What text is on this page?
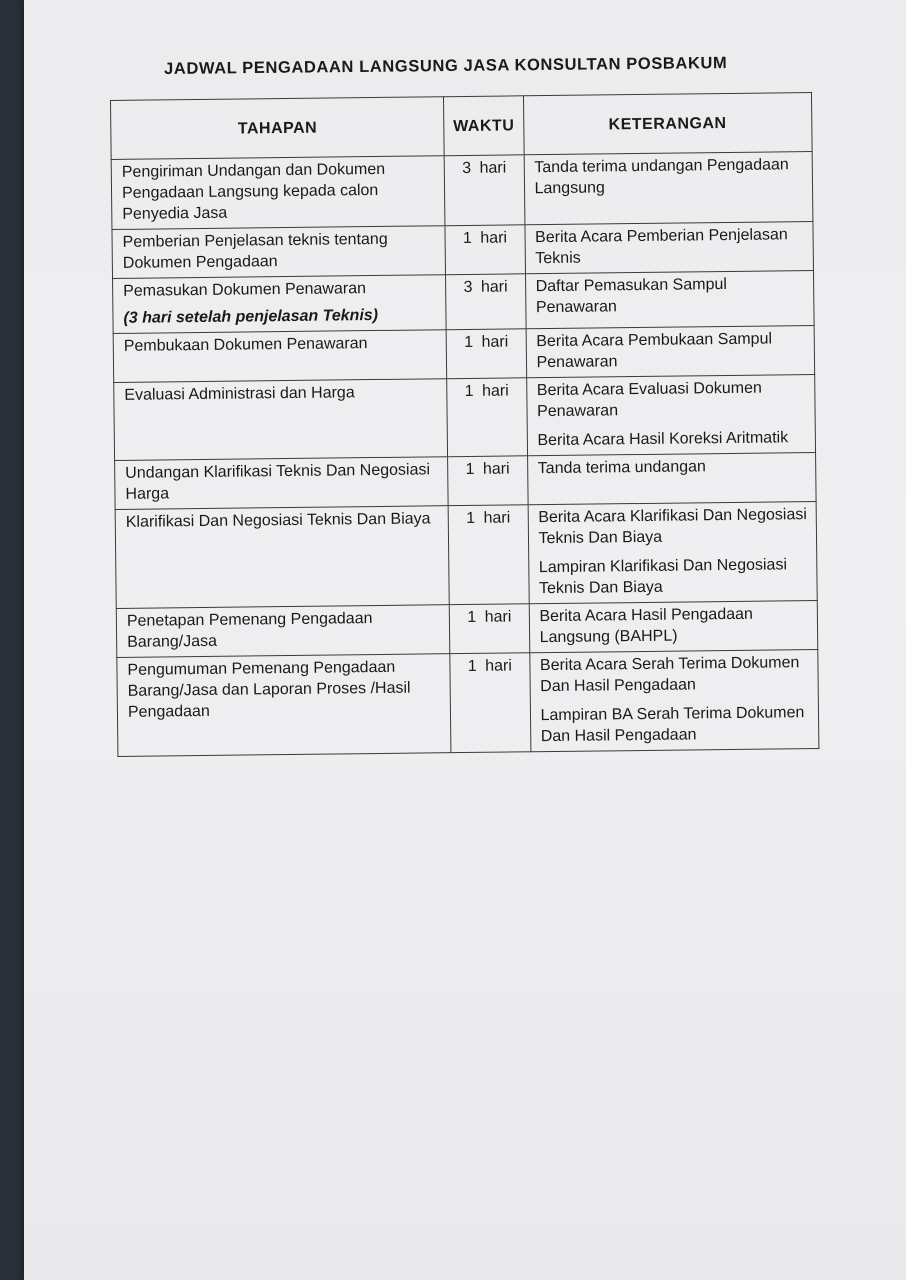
JADWAL PENGADAAN LANGSUNG JASA KONSULTAN POSBAKUM
TAHAPAN	WAKTU	KETERANGAN
Pengiriman Undangan dan Dokumen Pengadaan Langsung kepada calon Penyedia Jasa	3 hari	Tanda terima undangan Pengadaan Langsung

Pemberian Penjelasan teknis tentang Dokumen Pengadaan	1 hari	Berita Acara Pemberian Penjelasan Teknis

Pemasukan Dokumen Penawaran
(3 hari setelah penjelasan Teknis)	3 hari	Daftar Pemasukan Sampul Penawaran

Pembukaan Dokumen Penawaran	1 hari	Berita Acara Pembukaan Sampul Penawaran

Evaluasi Administrasi dan Harga	1 hari	Berita Acara Evaluasi Dokumen Penawaran
Berita Acara Hasil Koreksi Aritmatik

Undangan Klarifikasi Teknis Dan Negosiasi Harga	1 hari	Tanda terima undangan

Klarifikasi Dan Negosiasi Teknis Dan Biaya	1 hari	Berita Acara Klarifikasi Dan Negosiasi Teknis Dan Biaya
Lampiran Klarifikasi Dan Negosiasi Teknis Dan Biaya

Penetapan Pemenang Pengadaan Barang/Jasa	1 hari	Berita Acara Hasil Pengadaan Langsung (BAHPL)

Pengumuman Pemenang Pengadaan Barang/Jasa dan Laporan Proses /Hasil Pengadaan	1 hari	Berita Acara Serah Terima Dokumen Dan Hasil Pengadaan
Lampiran BA Serah Terima Dokumen Dan Hasil Pengadaan
